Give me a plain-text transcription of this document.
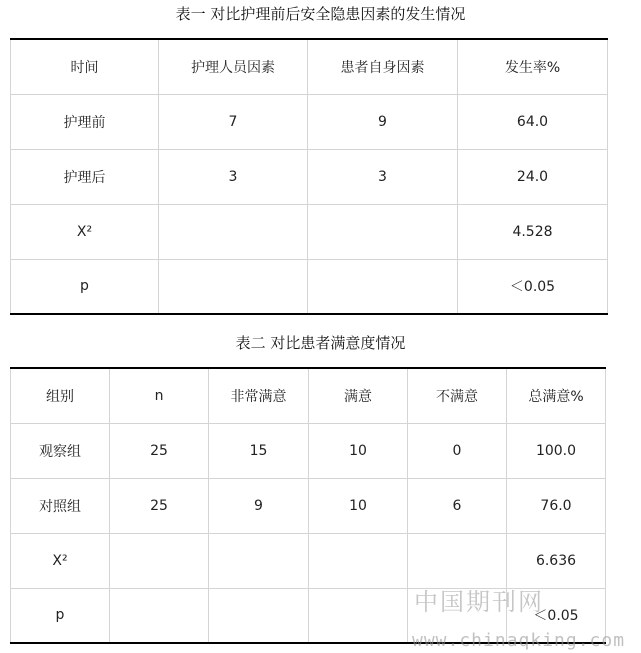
表一 对比护理前后安全隐患因素的发生情况
时间	护理人员因素	患者自身因素	发生率%
护理前	7	9	64.0
护理后	3	3	24.0
X²			4.528
p			＜0.05
表二 对比患者满意度情况
组别	n	非常满意	满意	不满意	总满意%
观察组	25	15	10	0	100.0
对照组	25	9	10	6	76.0
X²					6.636
p					＜0.05
中国期刊网
www.chinaqking.com
